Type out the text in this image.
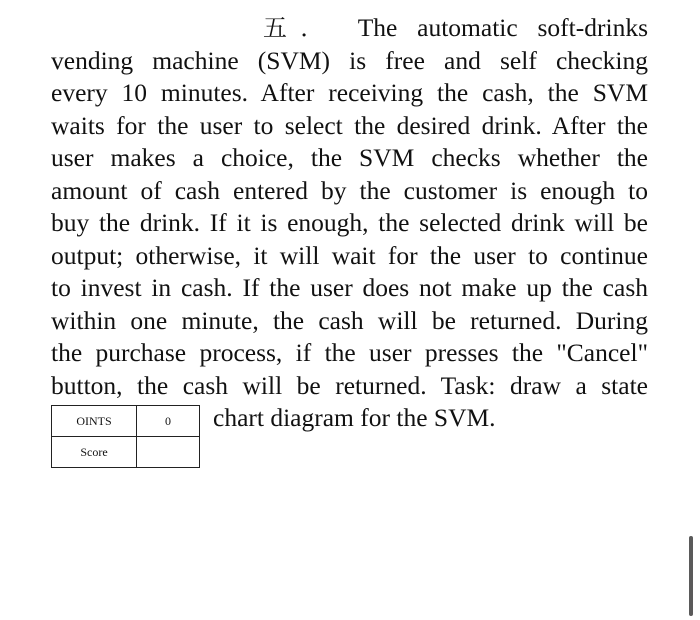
五． The automatic soft-drinks
vending machine (SVM) is free and self checking
every 10 minutes. After receiving the cash, the SVM
waits for the user to select the desired drink. After the
user makes a choice, the SVM checks whether the
amount of cash entered by the customer is enough to
buy the drink. If it is enough, the selected drink will be
output; otherwise, it will wait for the user to continue
to invest in cash. If the user does not make up the cash
within one minute, the cash will be returned. During
the purchase process, if the user presses the "Cancel"
button, the cash will be returned. Task: draw a state
chart diagram for the SVM.
OINTS	0
Score	
